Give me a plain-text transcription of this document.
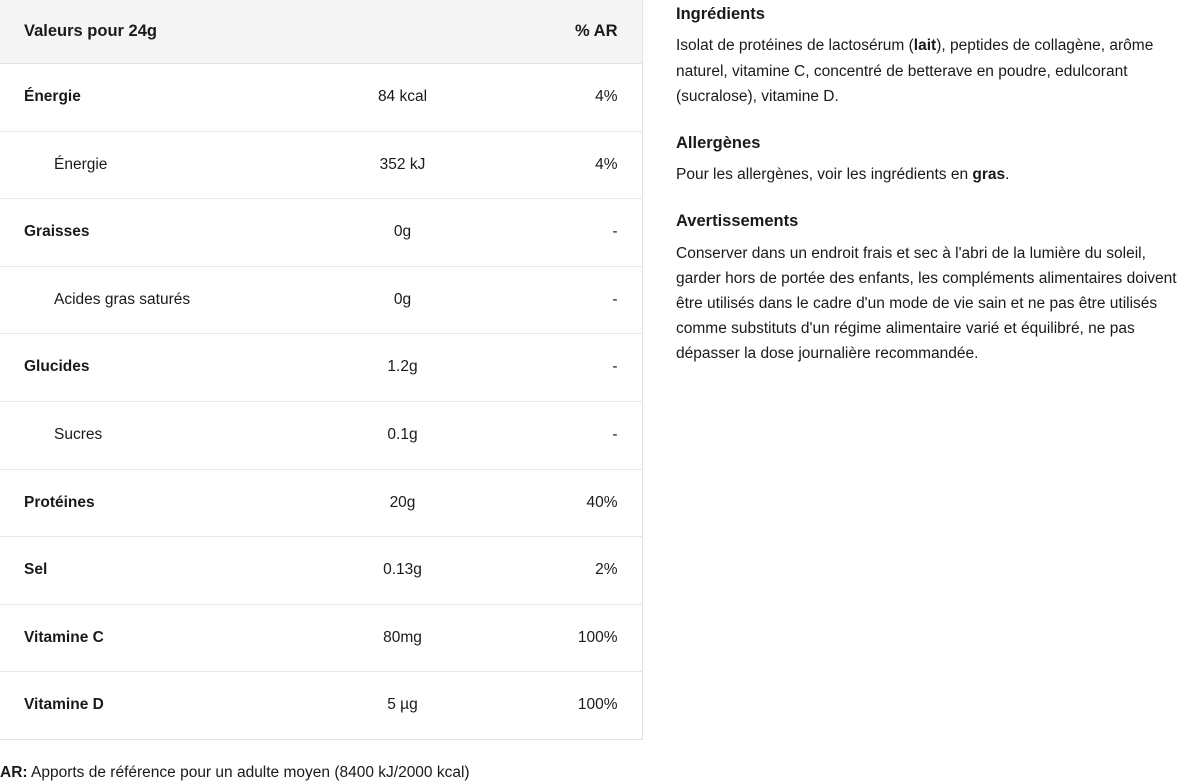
Valeurs pour 24g		% AR
Énergie	84 kcal	4%
Énergie	352 kJ	4%
Graisses	0g	-
Acides gras saturés	0g	-
Glucides	1.2g	-
Sucres	0.1g	-
Protéines	20g	40%
Sel	0.13g	2%
Vitamine C	80mg	100%
Vitamine D	5 µg	100%
AR: Apports de référence pour un adulte moyen (8400 kJ/2000 kcal)
Ingrédients

Isolat de protéines de lactosérum (lait), peptides de collagène, arôme naturel, vitamine C, concentré de betterave en poudre, edulcorant (sucralose), vitamine D.

Allergènes

Pour les allergènes, voir les ingrédients en gras.

Avertissements

Conserver dans un endroit frais et sec à l'abri de la lumière du soleil, garder hors de portée des enfants, les compléments alimentaires doivent être utilisés dans le cadre d'un mode de vie sain et ne pas être utilisés comme substituts d'un régime alimentaire varié et équilibré, ne pas dépasser la dose journalière recommandée.
